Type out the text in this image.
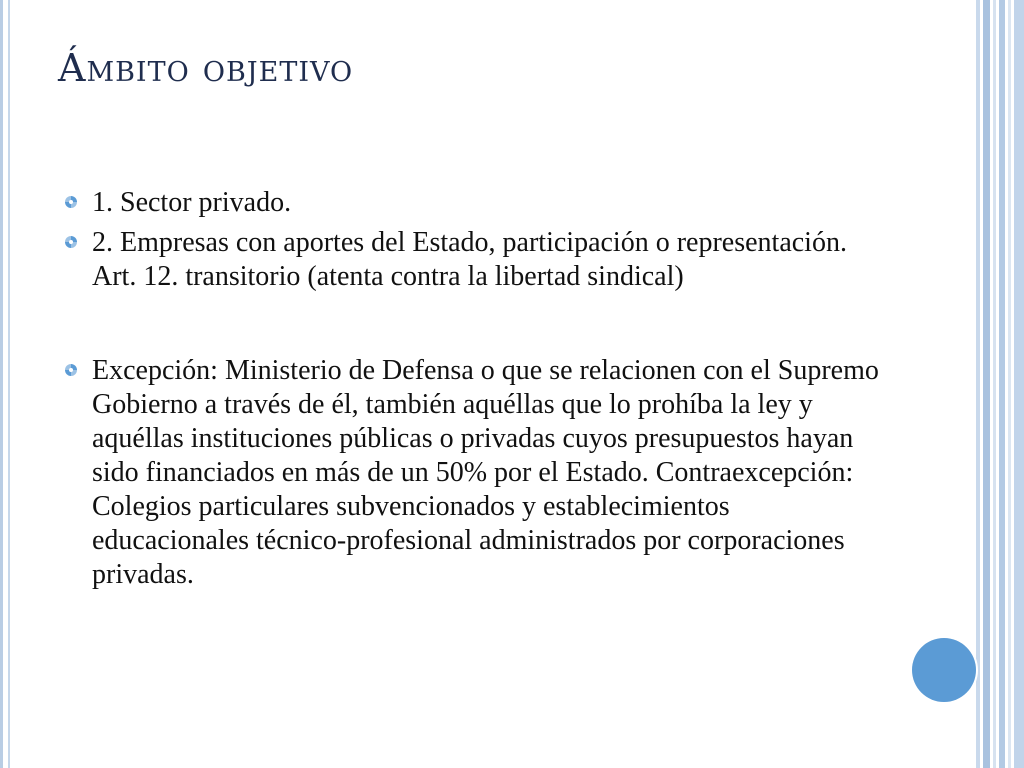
Ámbito objetivo
1. Sector privado.
2. Empresas con aportes del Estado, participación o representación. Art. 12. transitorio (atenta contra la libertad sindical)
Excepción: Ministerio de Defensa o que se relacionen con el Supremo Gobierno a través de él, también aquéllas que lo prohíba la ley y aquéllas instituciones públicas o privadas cuyos presupuestos hayan sido financiados en más de un 50% por el Estado. Contraexcepción: Colegios particulares subvencionados y establecimientos educacionales técnico-profesional administrados por corporaciones privadas.
